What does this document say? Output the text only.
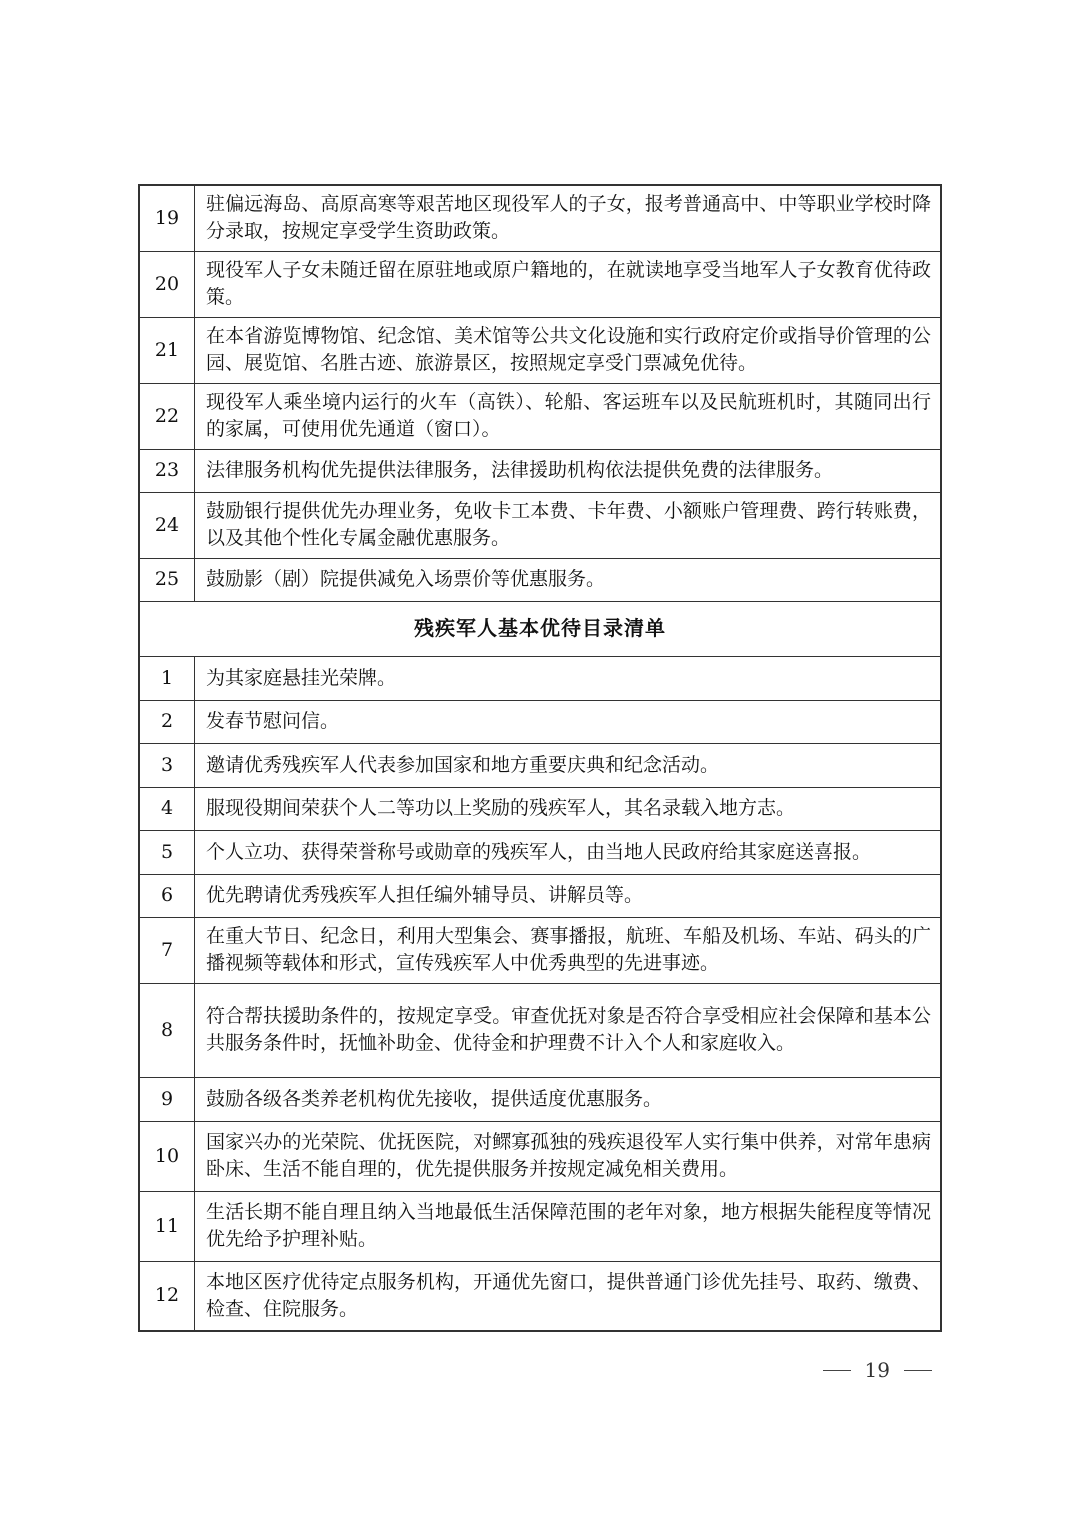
19	驻偏远海岛、高原高寒等艰苦地区现役军人的子女，报考普通高中、中等职业学校时降分录取，按规定享受学生资助政策。
20	现役军人子女未随迁留在原驻地或原户籍地的，在就读地享受当地军人子女教育优待政策。
21	在本省游览博物馆、纪念馆、美术馆等公共文化设施和实行政府定价或指导价管理的公园、展览馆、名胜古迹、旅游景区，按照规定享受门票减免优待。
22	现役军人乘坐境内运行的火车（高铁）、轮船、客运班车以及民航班机时，其随同出行的家属，可使用优先通道（窗口）。
23	法律服务机构优先提供法律服务，法律援助机构依法提供免费的法律服务。
24	鼓励银行提供优先办理业务，免收卡工本费、卡年费、小额账户管理费、跨行转账费，以及其他个性化专属金融优惠服务。
25	鼓励影（剧）院提供减免入场票价等优惠服务。
残疾军人基本优待目录清单	
1	为其家庭悬挂光荣牌。
2	发春节慰问信。
3	邀请优秀残疾军人代表参加国家和地方重要庆典和纪念活动。
4	服现役期间荣获个人二等功以上奖励的残疾军人，其名录载入地方志。
5	个人立功、获得荣誉称号或勋章的残疾军人，由当地人民政府给其家庭送喜报。
6	优先聘请优秀残疾军人担任编外辅导员、讲解员等。
7	在重大节日、纪念日，利用大型集会、赛事播报，航班、车船及机场、车站、码头的广播视频等载体和形式，宣传残疾军人中优秀典型的先进事迹。
8	符合帮扶援助条件的，按规定享受。审查优抚对象是否符合享受相应社会保障和基本公共服务条件时，抚恤补助金、优待金和护理费不计入个人和家庭收入。
9	鼓励各级各类养老机构优先接收，提供适度优惠服务。
10	国家兴办的光荣院、优抚医院，对鳏寡孤独的残疾退役军人实行集中供养，对常年患病卧床、生活不能自理的，优先提供服务并按规定减免相关费用。
11	生活长期不能自理且纳入当地最低生活保障范围的老年对象，地方根据失能程度等情况优先给予护理补贴。
12	本地区医疗优待定点服务机构，开通优先窗口，提供普通门诊优先挂号、取药、缴费、检查、住院服务。
19
